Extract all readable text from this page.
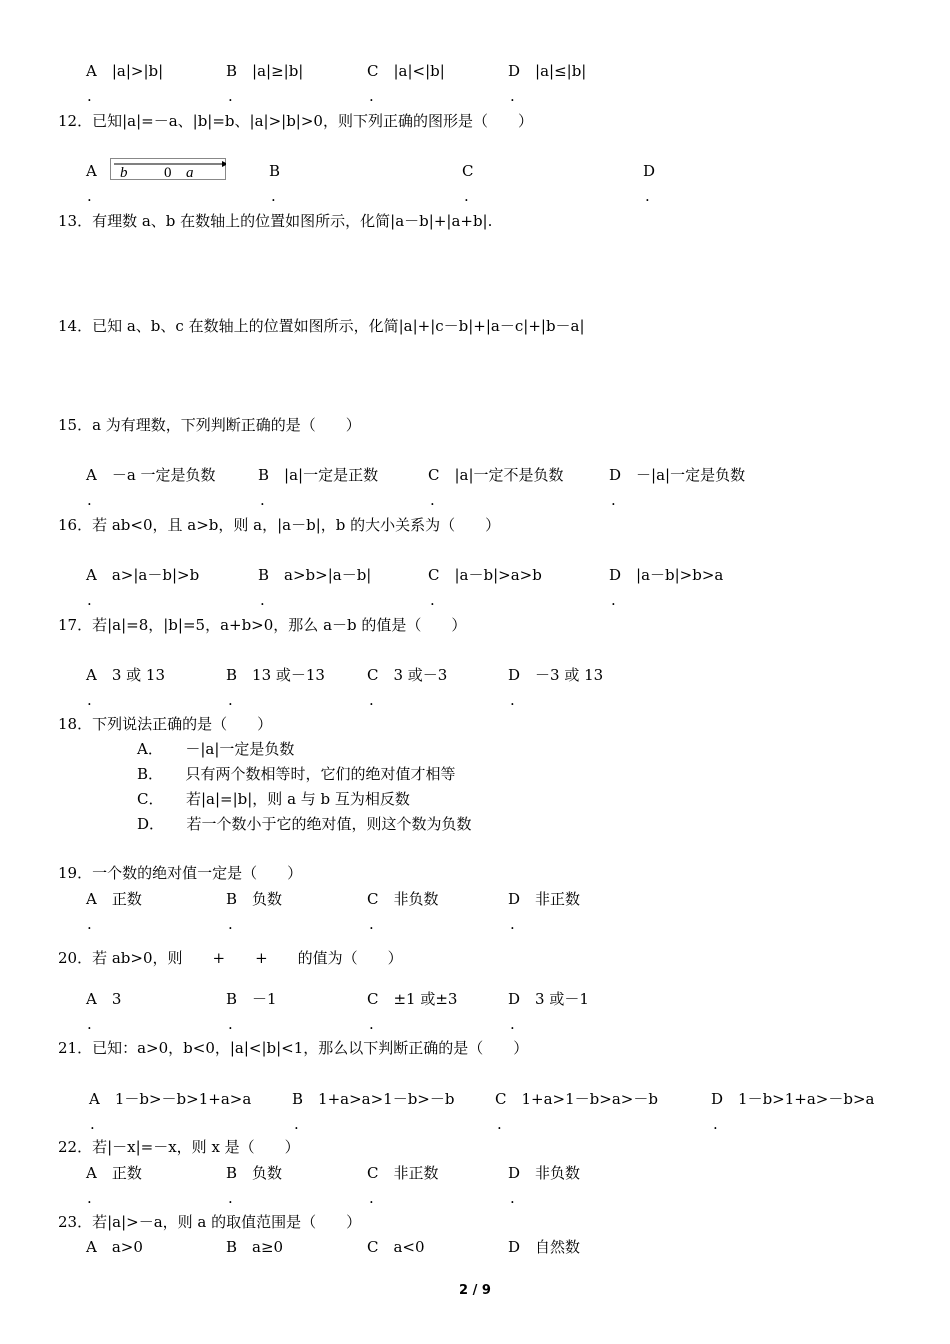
A　|a|>|b|	B　|a|≥|b|	C　|a|<|b|	D　|a|≤|b|
.	.	.	.
12．已知|a|=－a、|b|=b、|a|>|b|>0，则下列正确的图形是（　　）
A b 0 a	B	C	D
.	.	.	.
13．有理数 a、b 在数轴上的位置如图所示，化简|a－b|+|a+b|.
14．已知 a、b、c 在数轴上的位置如图所示，化简|a|+|c－b|+|a－c|+|b－a|
15．a 为有理数，下列判断正确的是（　　）
A　－a 一定是负数	B　|a|一定是正数	C　|a|一定不是负数	D　－|a|一定是负数
.	.	.	.
16．若 ab<0，且 a>b，则 a，|a－b|，b 的大小关系为（　　）
A　a>|a－b|>b	B　a>b>|a－b|	C　|a－b|>a>b	D　|a－b|>b>a
.	.	.	.
17．若|a|=8，|b|=5，a+b>0，那么 a－b 的值是（　　）
A　3 或 13	B　13 或－13	C　3 或－3	D　－3 或 13
.	.	.	.
18．下列说法正确的是（　　）
A．　　－|a|一定是负数
B．　　只有两个数相等时，它们的绝对值才相等
C．　　若|a|=|b|，则 a 与 b 互为相反数
D．　　若一个数小于它的绝对值，则这个数为负数
19．一个数的绝对值一定是（　　）
A　正数	B　负数	C　非负数	D　非正数
.	.	.	.
20．若 ab>0，则　　+　　+　　的值为（　　）
A　3	B　－1	C　±1 或±3	D　3 或－1
.	.	.	.
21．已知：a>0，b<0，|a|<|b|<1，那么以下判断正确的是（　　）
A　1－b>－b>1+a>a	B　1+a>a>1－b>－b	C　1+a>1－b>a>－b	D　1－b>1+a>－b>a
.	.	.	.
22．若|－x|=－x，则 x 是（　　）
A　正数	B　负数	C　非正数	D　非负数
.	.	.	.
23．若|a|>－a，则 a 的取值范围是（　　）
A　a>0	B　a≥0	C　a<0	D　自然数
2 / 9
